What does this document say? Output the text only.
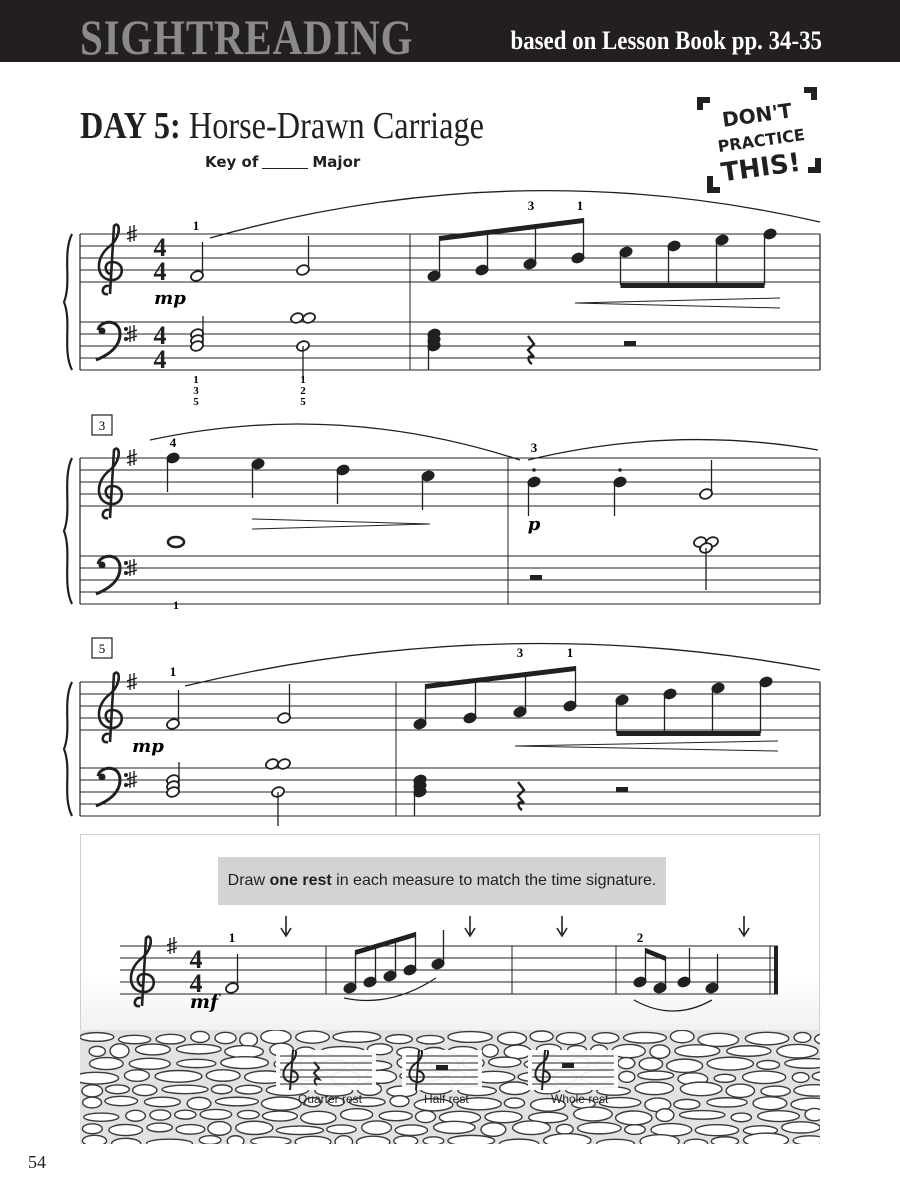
SIGHTREADING	based on Lesson Book pp. 34-35
DAY 5: Horse-Drawn Carriage
Key of	Major
DON'T
PRACTICE
THIS!
4
4
4
4
1
3	1
mp
1
3
5
1
2
5
3
4	3
p
1
5
1
3	1
mp
Draw one rest in each measure to match the time signature.
4
4
1	2
mf
Quarter rest	Half rest	Whole rest
54
